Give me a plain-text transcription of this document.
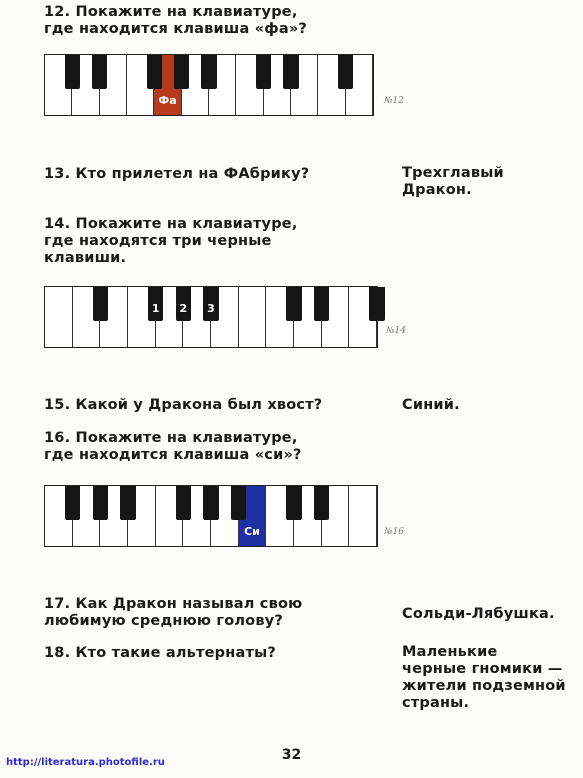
12. Покажите на клавиатуре,
где находится клавиша «фа»?
Фа	№12
13. Кто прилетел на ФАбрику?	Трехглавый
Дракон.
14. Покажите на клавиатуре,
где находятся три черные
клавиши.
1	2	3
№14
15. Какой у Дракона был хвост?	Синий.
16. Покажите на клавиатуре,
где находится клавиша «си»?
Си	№16
17. Как Дракон называл свою
любимую среднюю голову?	Сольди-Лябушка.
18. Кто такие альтернаты?	Маленькие
черные гномики —
жители подземной
страны.
32
http://literatura.photofile.ru
